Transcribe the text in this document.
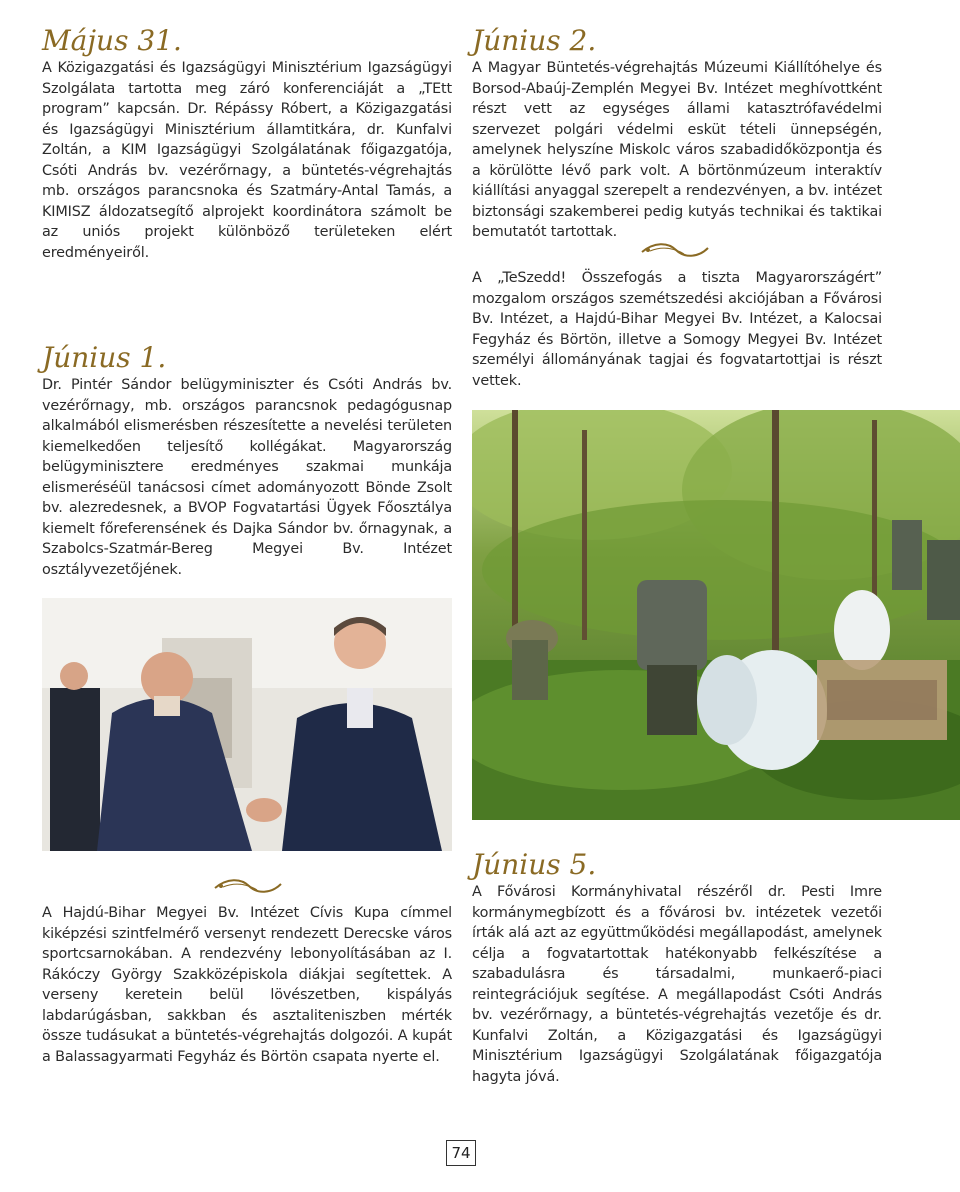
Május 31.

A Közigazgatási és Igazságügyi Minisztérium Igazságügyi Szolgálata tartotta meg záró konferenciáját a „TEtt program” kapcsán. Dr. Répássy Róbert, a Közigazgatási és Igazságügyi Minisztérium államtitkára, dr. Kunfalvi Zoltán, a KIM Igazságügyi Szolgálatának főigazgatója, Csóti András bv. vezérőrnagy, a büntetés-végrehajtás mb. országos parancsnoka és Szatmáry-Antal Tamás, a KIMISZ áldozatsegítő alprojekt koordinátora számolt be az uniós projekt különböző területeken elért eredményeiről.

Június 1.

Dr. Pintér Sándor belügyminiszter és Csóti András bv. vezérőrnagy, mb. országos parancsnok pedagógusnap alkalmából elismerésben részesítette a nevelési területen kiemelkedően teljesítő kollégákat. Magyarország belügyminisztere eredményes szakmai munkája elismeréséül tanácsosi címet adományozott Bönde Zsolt bv. alezredesnek, a BVOP Fogvatartási Ügyek Főosztálya kiemelt főreferensének és Dajka Sándor bv. őrnagynak, a Szabolcs-Szatmár-Bereg Megyei Bv. Intézet osztályvezetőjének.

Június 2.

A Magyar Büntetés-végrehajtás Múzeumi Kiállítóhelye és Borsod-Abaúj-Zemplén Megyei Bv. Intézet meghívottként részt vett az egységes állami katasztrófavédelmi szervezet polgári védelmi esküt tételi ünnepségén, amelynek helyszíne Miskolc város szabadidőközpontja és a körülötte lévő park volt. A börtönmúzeum interaktív kiállítási anyaggal szerepelt a rendezvényen, a bv. intézet biztonsági szakemberei pedig kutyás technikai és taktikai bemutatót tartottak.

A „TeSzedd! Összefogás a tiszta Magyarországért” mozgalom országos szemétszedési akciójában a Fővárosi Bv. Intézet, a Hajdú-Bihar Megyei Bv. Intézet, a Kalocsai Fegyház és Börtön, illetve a Somogy Megyei Bv. Intézet személyi állományának tagjai és fogvatartottjai is részt vettek.

A Hajdú-Bihar Megyei Bv. Intézet Cívis Kupa címmel kiképzési szintfelmérő versenyt rendezett Derecske város sportcsarnokában. A rendezvény lebonyolításában az I. Rákóczy György Szakközépiskola diákjai segítettek. A verseny keretein belül lövészetben, kispályás labdarúgásban, sakkban és asztaliteniszben mérték össze tudásukat a büntetés-végrehajtás dolgozói. A kupát a Balassagyarmati Fegyház és Börtön csapata nyerte el.

Június 5.

A Fővárosi Kormányhivatal részéről dr. Pesti Imre kormánymegbízott és a fővárosi bv. intézetek vezetői írták alá azt az együttműködési megállapodást, amelynek célja a fogvatartottak hatékonyabb felkészítése a szabadulásra és társadalmi, munkaerő-piaci reintegrációjuk segítése. A megállapodást Csóti András bv. vezérőrnagy, a büntetés-végrehajtás vezetője és dr. Kunfalvi Zoltán, a Közigazgatási és Igazságügyi Minisztérium Igazságügyi Szolgálatának főigazgatója hagyta jóvá.

74
